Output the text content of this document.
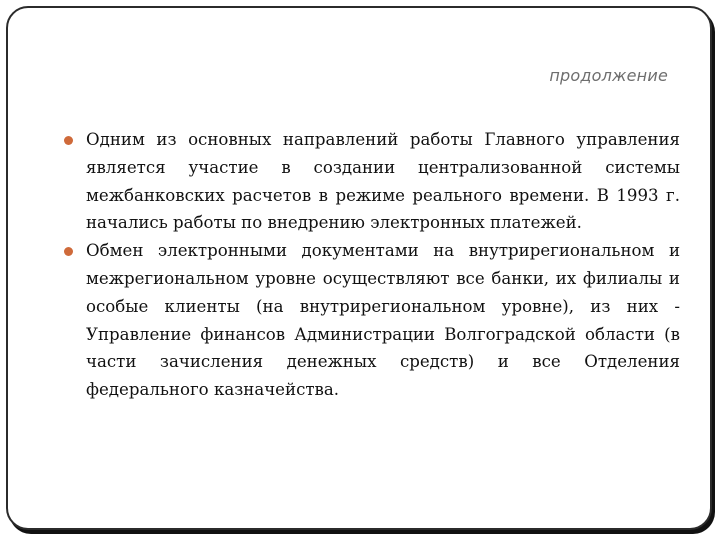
продолжение

Одним из основных направлений работы Главного управления является участие в создании централизованной системы межбанковских расчетов в режиме реального времени. В 1993 г. начались работы по внедрению электронных платежей.

Обмен электронными документами на внутрирегиональном и межрегиональном уровне осуществляют все банки, их филиалы и особые клиенты (на внутрирегиональном уровне), из них - Управление финансов Администрации Волгоградской области (в части зачисления денежных средств) и все Отделения федерального казначейства.
